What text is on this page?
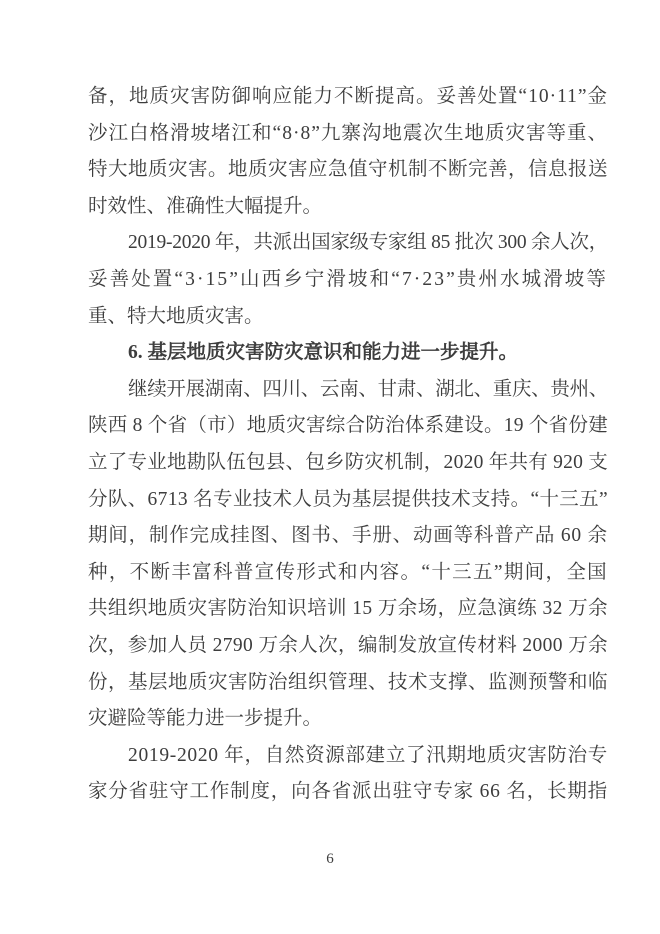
备，地质灾害防御响应能力不断提高。妥善处置“10·11”金
沙江白格滑坡堵江和“8·8”九寨沟地震次生地质灾害等重、
特大地质灾害。地质灾害应急值守机制不断完善，信息报送
时效性、准确性大幅提升。
2019-2020 年，共派出国家级专家组 85 批次 300 余人次，
妥善处置“3·15”山西乡宁滑坡和“7·23”贵州水城滑坡等
重、特大地质灾害。
6. 基层地质灾害防灾意识和能力进一步提升。
继续开展湖南、四川、云南、甘肃、湖北、重庆、贵州、
陕西 8 个省（市）地质灾害综合防治体系建设。19 个省份建
立了专业地勘队伍包县、包乡防灾机制，2020 年共有 920 支
分队、6713 名专业技术人员为基层提供技术支持。“十三五”
期间，制作完成挂图、图书、手册、动画等科普产品 60 余
种，不断丰富科普宣传形式和内容。“十三五”期间，全国
共组织地质灾害防治知识培训 15 万余场，应急演练 32 万余
次，参加人员 2790 万余人次，编制发放宣传材料 2000 万余
份，基层地质灾害防治组织管理、技术支撑、监测预警和临
灾避险等能力进一步提升。
2019-2020 年，自然资源部建立了汛期地质灾害防治专
家分省驻守工作制度，向各省派出驻守专家 66 名，长期指
6
